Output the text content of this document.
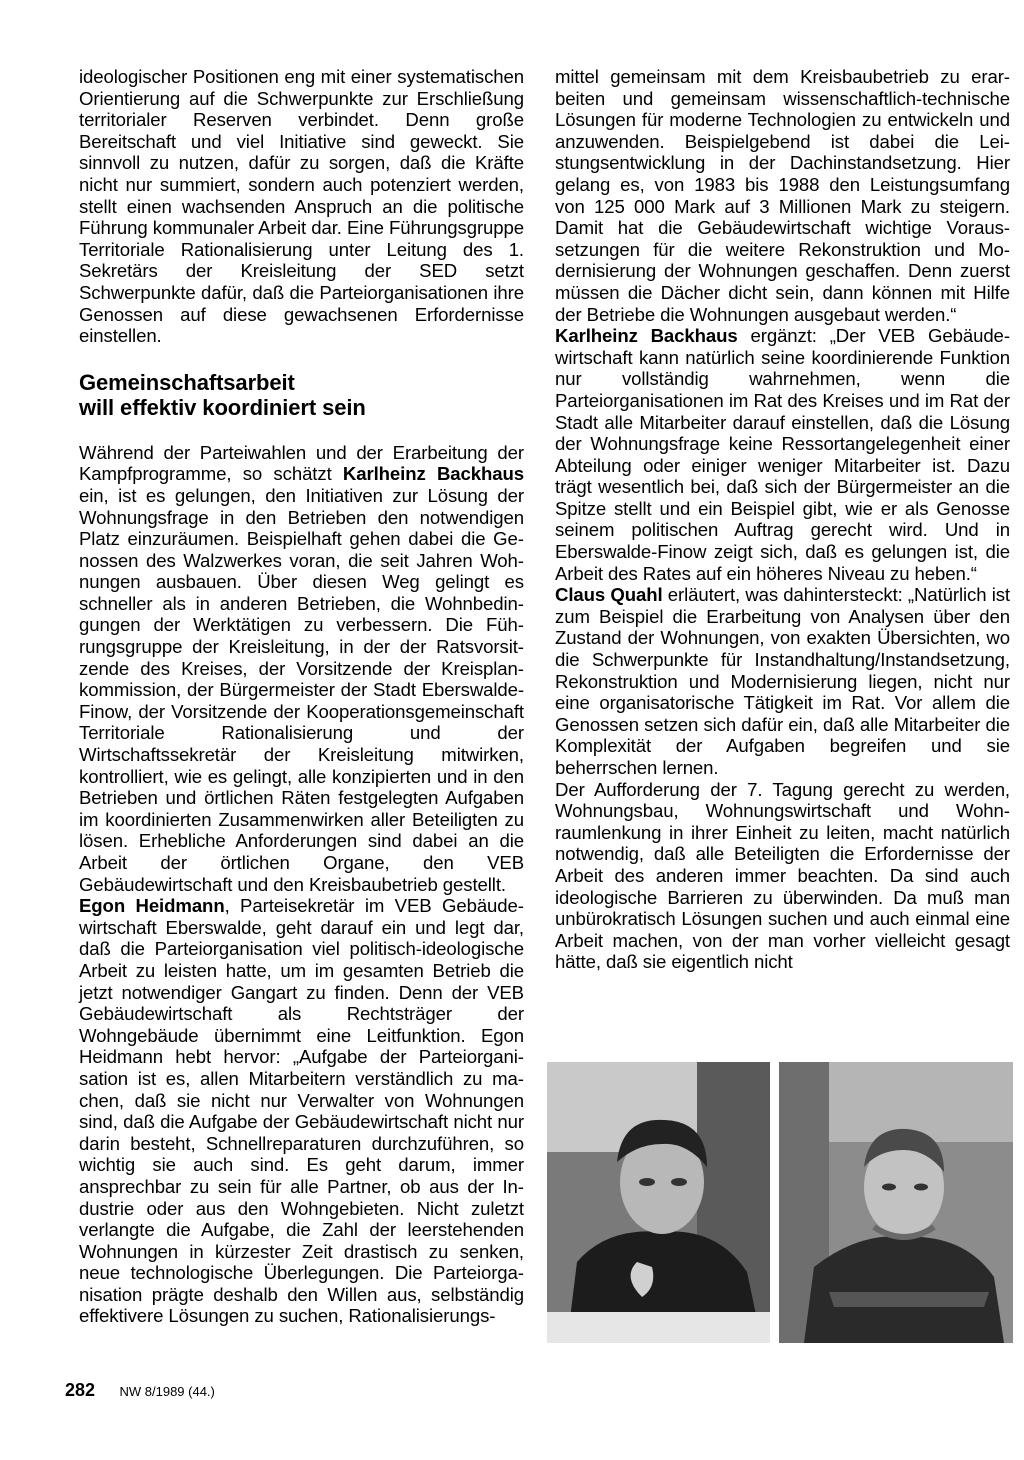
ideologischer Positionen eng mit einer systematischen Orientierung auf die Schwerpunkte zur Erschließung territorialer Reserven verbindet. Denn große Bereitschaft und viel Initiative sind geweckt. Sie sinnvoll zu nutzen, dafür zu sorgen, daß die Kräfte nicht nur summiert, sondern auch potenziert werden, stellt einen wachsenden Anspruch an die politische Führung kommunaler Arbeit dar. Eine Führungsgruppe Territoriale Rationalisierung unter Leitung des 1. Sekretärs der Kreisleitung der SED setzt Schwerpunkte dafür, daß die Parteiorganisationen ihre Genossen auf diese gewachsenen Erfordernisse einstellen.

Gemeinschaftsarbeit
will effektiv koordiniert sein

Während der Parteiwahlen und der Erarbeitung der Kampfprogramme, so schätzt Karlheinz Backhaus ein, ist es gelungen, den Initiativen zur Lösung der Wohnungsfrage in den Betrieben den notwendigen Platz einzuräumen. Beispielhaft gehen dabei die Genossen des Walzwerkes voran, die seit Jahren Wohnungen ausbauen. Über diesen Weg gelingt es schneller als in anderen Betrieben, die Wohnbedingungen der Werktätigen zu verbessern. Die Führungsgruppe der Kreisleitung, in der der Ratsvorsitzende des Kreises, der Vorsitzende der Kreisplankommission, der Bürgermeister der Stadt Eberswalde-Finow, der Vorsitzende der Kooperationsgemeinschaft Territoriale Rationalisierung und der Wirtschaftssekretär der Kreisleitung mitwirken, kontrolliert, wie es gelingt, alle konzipierten und in den Betrieben und örtlichen Räten festgelegten Aufgaben im koordinierten Zusammenwirken aller Beteiligten zu lösen. Erhebliche Anforderungen sind dabei an die Arbeit der örtlichen Organe, den VEB Gebäudewirtschaft und den Kreisbaubetrieb gestellt.

Egon Heidmann, Parteisekretär im VEB Gebäudewirtschaft Eberswalde, geht darauf ein und legt dar, daß die Parteiorganisation viel politisch-ideologische Arbeit zu leisten hatte, um im gesamten Betrieb die jetzt notwendiger Gangart zu finden. Denn der VEB Gebäudewirtschaft als Rechtsträger der Wohngebäude übernimmt eine Leitfunktion. Egon Heidmann hebt hervor: „Aufgabe der Parteiorganisation ist es, allen Mitarbeitern verständlich zu machen, daß sie nicht nur Verwalter von Wohnungen sind, daß die Aufgabe der Gebäudewirtschaft nicht nur darin besteht, Schnellreparaturen durchzuführen, so wichtig sie auch sind. Es geht darum, immer ansprechbar zu sein für alle Partner, ob aus der Industrie oder aus den Wohngebieten. Nicht zuletzt verlangte die Aufgabe, die Zahl der leerstehenden Wohnungen in kürzester Zeit drastisch zu senken, neue technologische Überlegungen. Die Parteiorganisation prägte deshalb den Willen aus, selbständig effektivere Lösungen zu suchen, Rationalisierungs-

mittel gemeinsam mit dem Kreisbaubetrieb zu erarbeiten und gemeinsam wissenschaftlich-technische Lösungen für moderne Technologien zu entwickeln und anzuwenden. Beispielgebend ist dabei die Leistungsentwicklung in der Dachinstandsetzung. Hier gelang es, von 1983 bis 1988 den Leistungsumfang von 125 000 Mark auf 3 Millionen Mark zu steigern. Damit hat die Gebäudewirtschaft wichtige Voraussetzungen für die weitere Rekonstruktion und Modernisierung der Wohnungen geschaffen. Denn zuerst müssen die Dächer dicht sein, dann können mit Hilfe der Betriebe die Wohnungen ausgebaut werden.“

Karlheinz Backhaus ergänzt: „Der VEB Gebäudewirtschaft kann natürlich seine koordinierende Funktion nur vollständig wahrnehmen, wenn die Parteiorganisationen im Rat des Kreises und im Rat der Stadt alle Mitarbeiter darauf einstellen, daß die Lösung der Wohnungsfrage keine Ressortangelegenheit einer Abteilung oder einiger weniger Mitarbeiter ist. Dazu trägt wesentlich bei, daß sich der Bürgermeister an die Spitze stellt und ein Beispiel gibt, wie er als Genosse seinem politischen Auftrag gerecht wird. Und in Eberswalde-Finow zeigt sich, daß es gelungen ist, die Arbeit des Rates auf ein höheres Niveau zu heben.“

Claus Quahl erläutert, was dahintersteckt: „Natürlich ist zum Beispiel die Erarbeitung von Analysen über den Zustand der Wohnungen, von exakten Übersichten, wo die Schwerpunkte für Instandhaltung/Instandsetzung, Rekonstruktion und Modernisierung liegen, nicht nur eine organisatorische Tätigkeit im Rat. Vor allem die Genossen setzen sich dafür ein, daß alle Mitarbeiter die Komplexität der Aufgaben begreifen und sie beherrschen lernen.

Der Aufforderung der 7. Tagung gerecht zu werden, Wohnungsbau, Wohnungswirtschaft und Wohnraumlenkung in ihrer Einheit zu leiten, macht natürlich notwendig, daß alle Beteiligten die Erfordernisse der Arbeit des anderen immer beachten. Da sind auch ideologische Barrieren zu überwinden. Da muß man unbürokratisch Lösungen suchen und auch einmal eine Arbeit machen, von der man vorher vielleicht gesagt hätte, daß sie eigentlich nicht

282 NW 8/1989 (44.)
